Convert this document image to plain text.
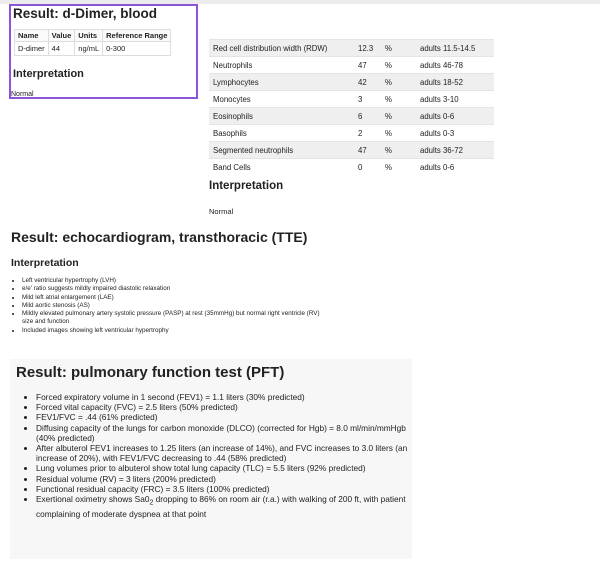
Result: d-Dimer, blood
Name	Value	Units	Reference Range
D-dimer	44	ng/mL	0-300
Interpretation
Normal
Red cell distribution width (RDW)	12.3	%	adults 11.5-14.5
Neutrophils	47	%	adults 46-78
Lymphocytes	42	%	adults 18-52
Monocytes	3	%	adults 3-10
Eosinophils	6	%	adults 0-6
Basophils	2	%	adults 0-3
Segmented neutrophils	47	%	adults 36-72
Band Cells	0	%	adults 0-6
Interpretation
Normal
Result: echocardiogram, transthoracic (TTE)
Interpretation
• Left ventricular hypertrophy (LVH)
• e/e' ratio suggests mildly impaired diastolic relaxation
• Mild left atrial enlargement (LAE)
• Mild aortic stenosis (AS)
• Mildly elevated pulmonary artery systolic pressure (PASP) at rest (35mmHg) but normal right ventricle (RV) size and function
• Included images showing left ventricular hypertrophy
Result: pulmonary function test (PFT)
• Forced expiratory volume in 1 second (FEV1) = 1.1 liters (30% predicted)
• Forced vital capacity (FVC) = 2.5 liters (50% predicted)
• FEV1/FVC = .44 (61% predicted)
• Diffusing capacity of the lungs for carbon monoxide (DLCO) (corrected for Hgb) = 8.0 ml/min/mmHgb (40% predicted)
• After albuterol FEV1 increases to 1.25 liters (an increase of 14%), and FVC increases to 3.0 liters (an increase of 20%), with FEV1/FVC decreasing to .44 (58% predicted)
• Lung volumes prior to albuterol show total lung capacity (TLC) = 5.5 liters (92% predicted)
• Residual volume (RV) = 3 liters (200% predicted)
• Functional residual capacity (FRC) = 3.5 liters (100% predicted)
• Exertional oximetry shows $Sa0_2$ dropping to 86% on room air (r.a.) with walking of 200 ft, with patient complaining of moderate dyspnea at that point
